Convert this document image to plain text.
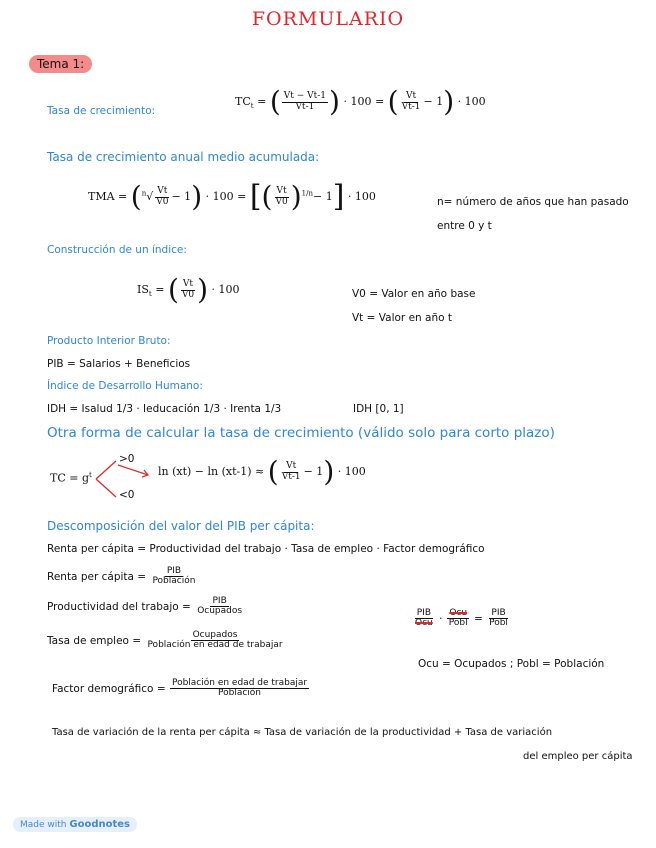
FORMULARIO
Tema 1:
Tasa de crecimiento:
$TC_t$ = ( $\frac{Vt - Vt-1}{Vt-1}$ ) · 100 = ( $\frac{Vt}{Vt-1} - 1) \cdot 100$
Tasa de crecimiento anual medio acumulada:
TMA = $(^n√ \frac{Vt}{V0} - 1) \cdot 100$ = [( $\frac{Vt}{V0} )^{1/n}- 1] \cdot 100$	n= número de años que han pasado
entre 0 y t
Construcción de un índice:
$IS_t$ = ( $\frac{Vt}{V0}$ ) · 100	V0 = Valor en año base
Vt = Valor en año t
Producto Interior Bruto:
PIB = Salarios + Beneficios
Índice de Desarrollo Humano:
IDH = Isalud 1/3 · Ieducación 1/3 · Irenta 1/3	IDH [0, 1]
Otra forma de calcular la tasa de crecimiento (válido solo para corto plazo)
TC = $g^t$
>0
<0
ln (xt) − ln (xt-1) ≈ ( $\frac{Vt}{Vt-1} - 1) \cdot 100$
Descomposición del valor del PIB per cápita:
Renta per cápita = Productividad del trabajo · Tasa de empleo · Factor demográfico
Renta per cápita = $\frac{\text{PIB}}{\text{Población}}$
Productividad del trabajo = $\frac{\text{PIB}}{\text{Ocupados}}$
Tasa de empleo = $\frac{\text{Ocupados}}{\text{Población en edad de trabajar}}$
Factor demográfico = $\frac{\text{Población en edad de trabajar}}{\text{Población}}$
$\frac{\text{PIB}}{\text{Ocu}} \cdot \frac{\text{Ocu}}{\text{Pobl}} = \frac{\text{PIB}}{\text{Pobl}}$
Ocu = Ocupados ; Pobl = Población
Tasa de variación de la renta per cápita ≈ Tasa de variación de la productividad + Tasa de variación
del empleo per cápita
Made with Goodnotes
